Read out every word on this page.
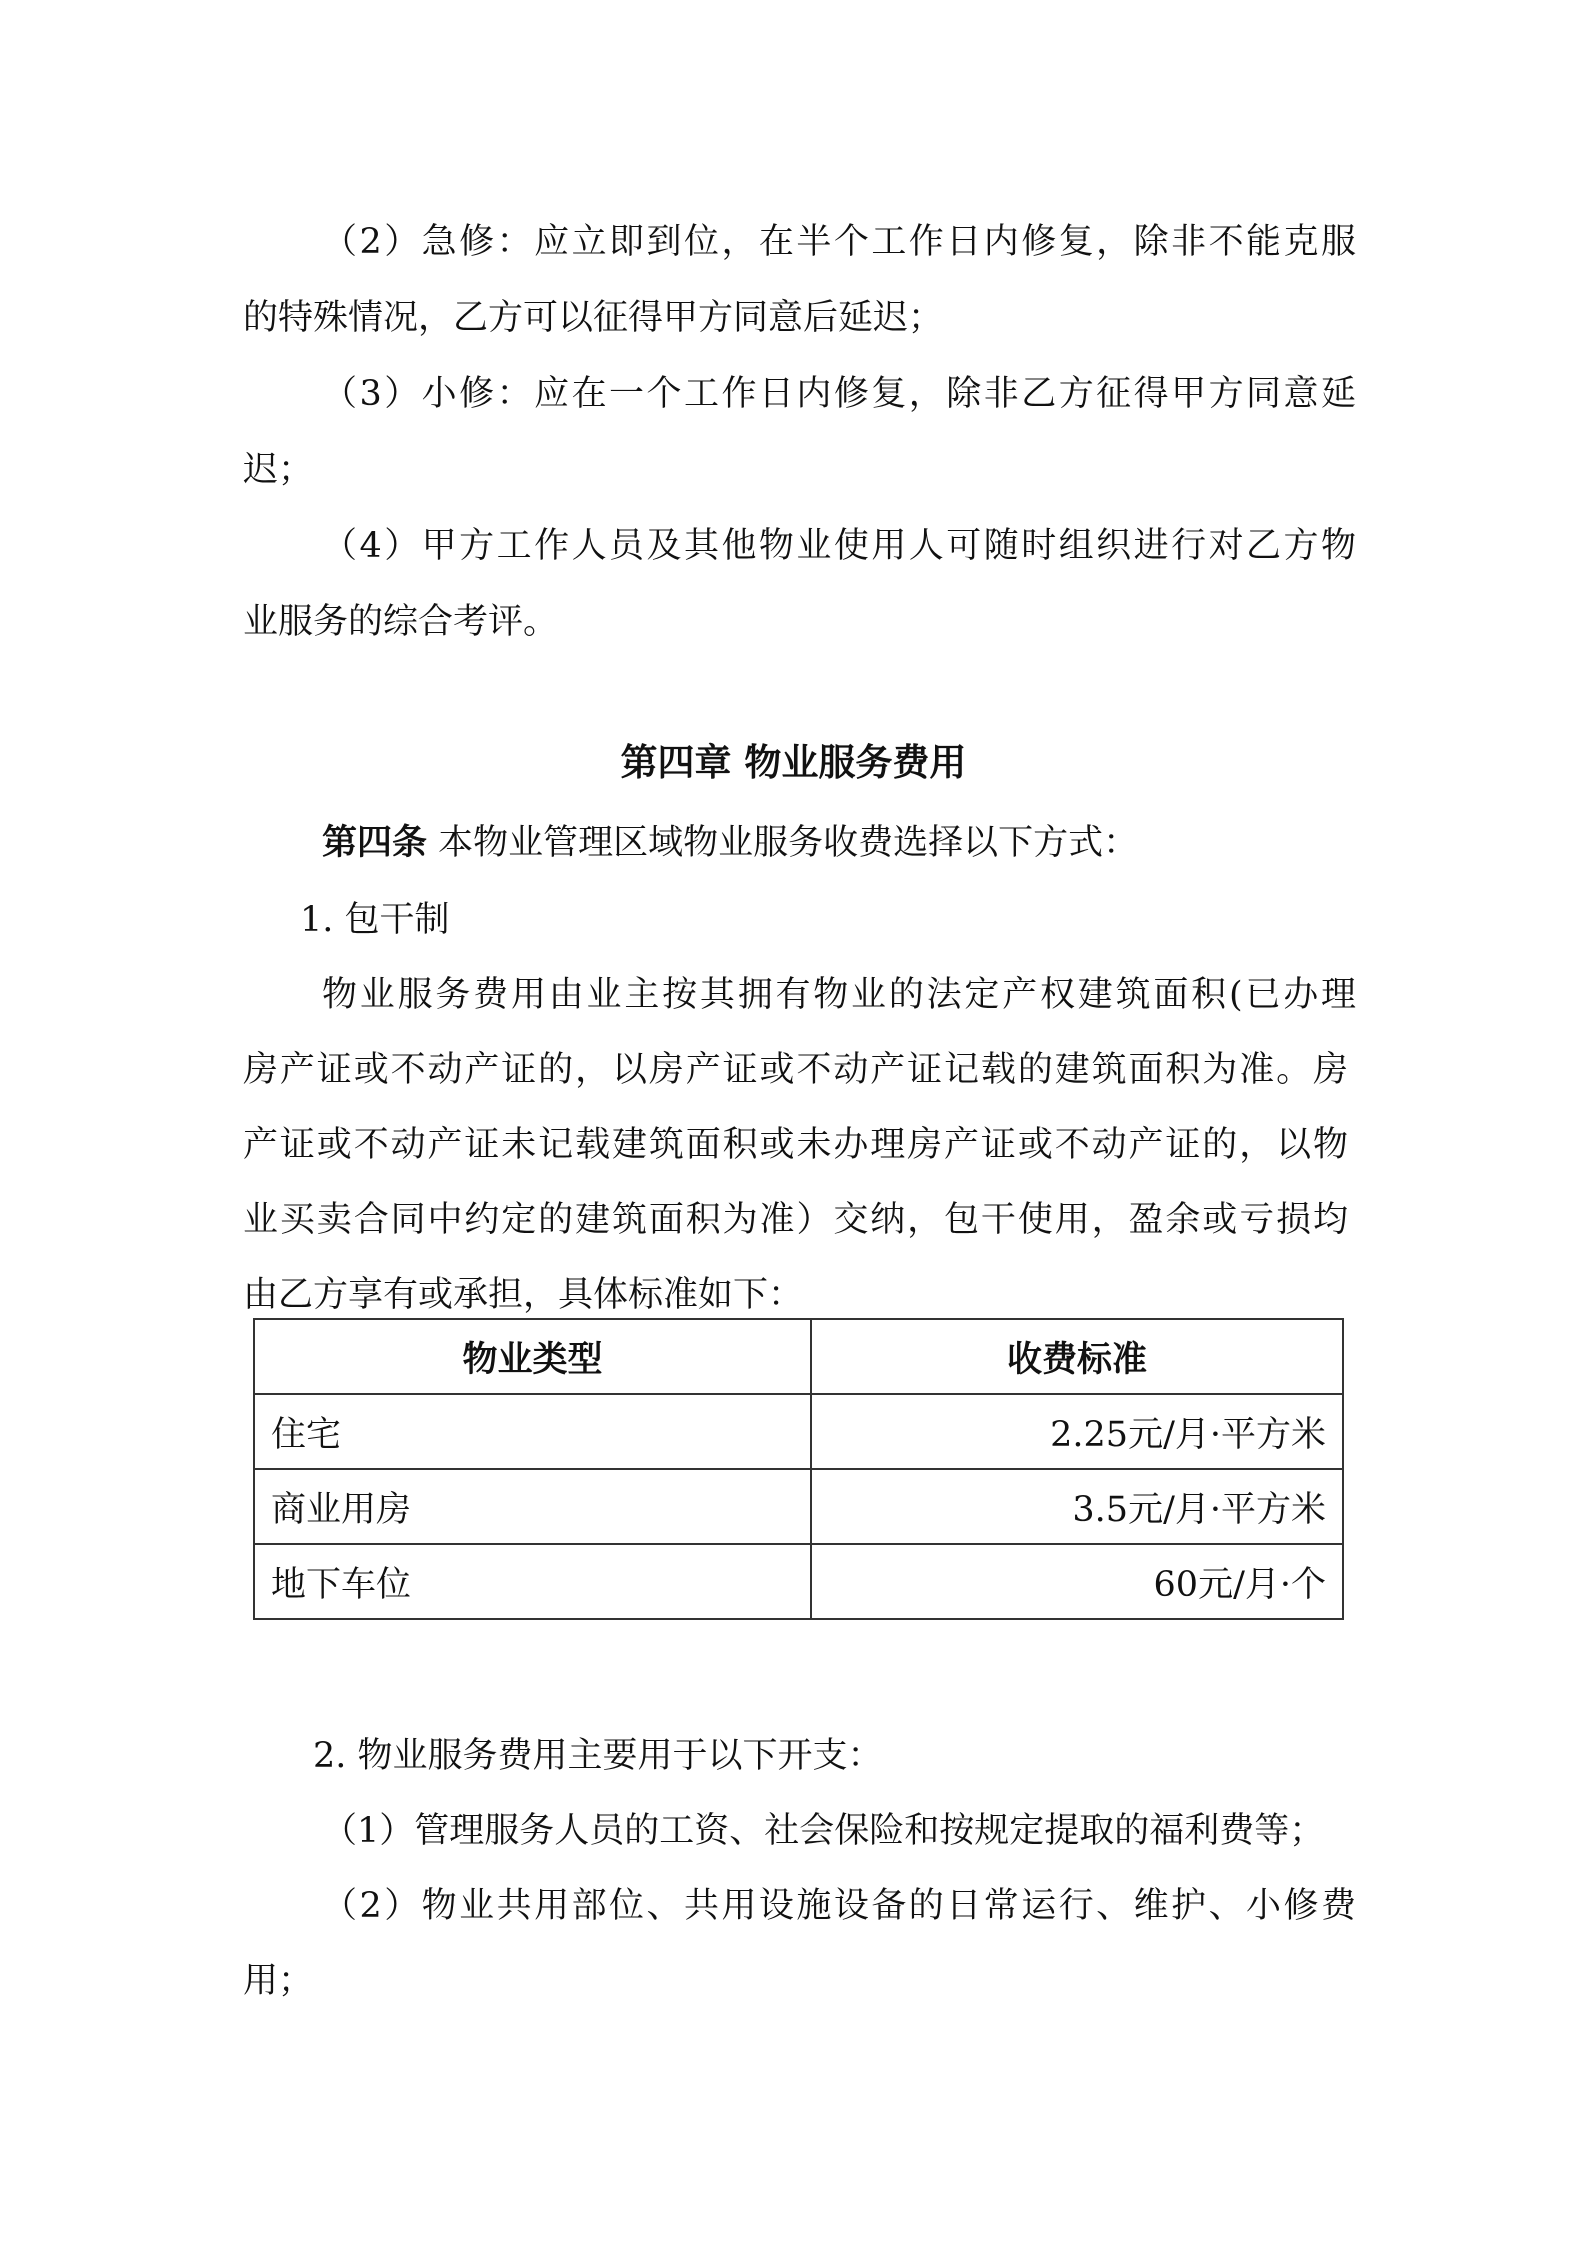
（2）急修：应立即到位，在半个工作日内修复，除非不能克服
的特殊情况，乙方可以征得甲方同意后延迟；
（3）小修：应在一个工作日内修复，除非乙方征得甲方同意延
迟；
（4）甲方工作人员及其他物业使用人可随时组织进行对乙方物
业服务的综合考评。
第四章 物业服务费用
第四条 本物业管理区域物业服务收费选择以下方式：
1. 包干制
物业服务费用由业主按其拥有物业的法定产权建筑面积(已办理
房产证或不动产证的，以房产证或不动产证记载的建筑面积为准。房
产证或不动产证未记载建筑面积或未办理房产证或不动产证的，以物
业买卖合同中约定的建筑面积为准）交纳，包干使用，盈余或亏损均
由乙方享有或承担，具体标准如下：
物业类型	收费标准
住宅	2.25元/月·平方米
商业用房	3.5元/月·平方米
地下车位	60元/月·个
2. 物业服务费用主要用于以下开支：
（1）管理服务人员的工资、社会保险和按规定提取的福利费等；
（2）物业共用部位、共用设施设备的日常运行、维护、小修费
用；
